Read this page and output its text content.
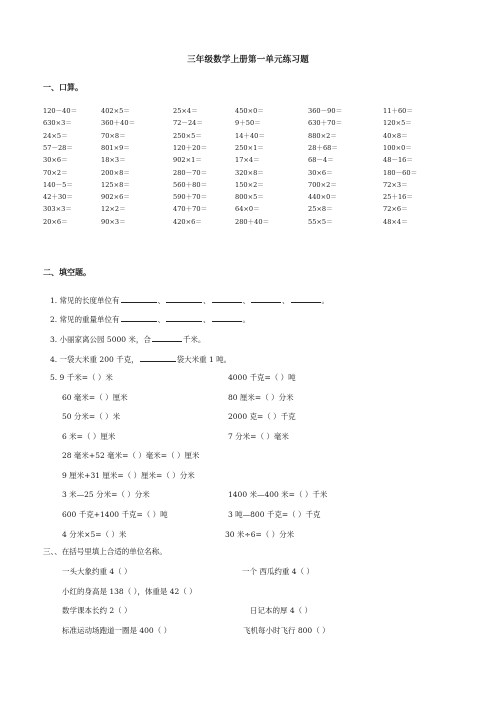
三年级数学上册第一单元练习题
一、口算。
120－40＝	402×5＝	25×4＝	450×0＝	360－90＝	11＋60＝
630×3＝	360＋40＝	72－24＝	9＋50＝	630＋70＝	120×5＝
24×5＝	70×8＝	250×5＝	14＋40＝	880×2＝	40×8＝
57－28＝	801×9＝	120＋20＝	250×1＝	28＋68＝	100×0＝
30×6＝	18×3＝	902×1＝	17×4＝	68－4＝	48－16＝
70×2＝	200×8＝	280－70＝	320×8＝	30×6＝	180－60＝
140－5＝	125×8＝	560＋80＝	150×2＝	700×2＝	72×3＝
42＋30＝	902×6＝	590＋70＝	800×5＝	440×0＝	25＋16＝
303×3＝	12×2＝	470＋70＝	64×0＝	25×8＝	72×6＝
20×6＝	90×3＝	420×6＝	280＋40＝	55×5＝	48×4＝
二、填空题。
1. 常见的长度单位有	、	、	、	、	。
2. 常见的重量单位有	、	、	。
3. 小丽家离公园 5000 米，合	千米。
4. 一袋大米重 200 千克，	袋大米重 1 吨。
5. 9 千米=（ ）米	4000 千克=（ ）吨
60 毫米=（ ）厘米	80 厘米=（ ）分米
50 分米=（ ）米	2000 克=（ ）千克
6 米=（ ）厘米	7 分米=（ ）毫米
28 毫米+52 毫米=（ ）毫米=（ ）厘米
9 厘米+31 厘米=（ ）厘米=（ ）分米
3 米—25 分米=（ ）分米	1400 米—400 米=（ ）千米
600 千克+1400 千克=（ ）吨	3 吨—800 千克=（ ）千克
4 分米×5=（ ）米	30 米÷6=（ ）分米
三、、在括号里填上合适的单位名称。
一头大象约重 4（ ）	一个 西瓜约重 4（ ）
小红的身高是 138（ ），体重是 42（ ）
数学课本长约 2（ ）	日记本的厚 4（ ）
标准运动场跑道一圈是 400（ ）	飞机每小时飞行 800（ ）
